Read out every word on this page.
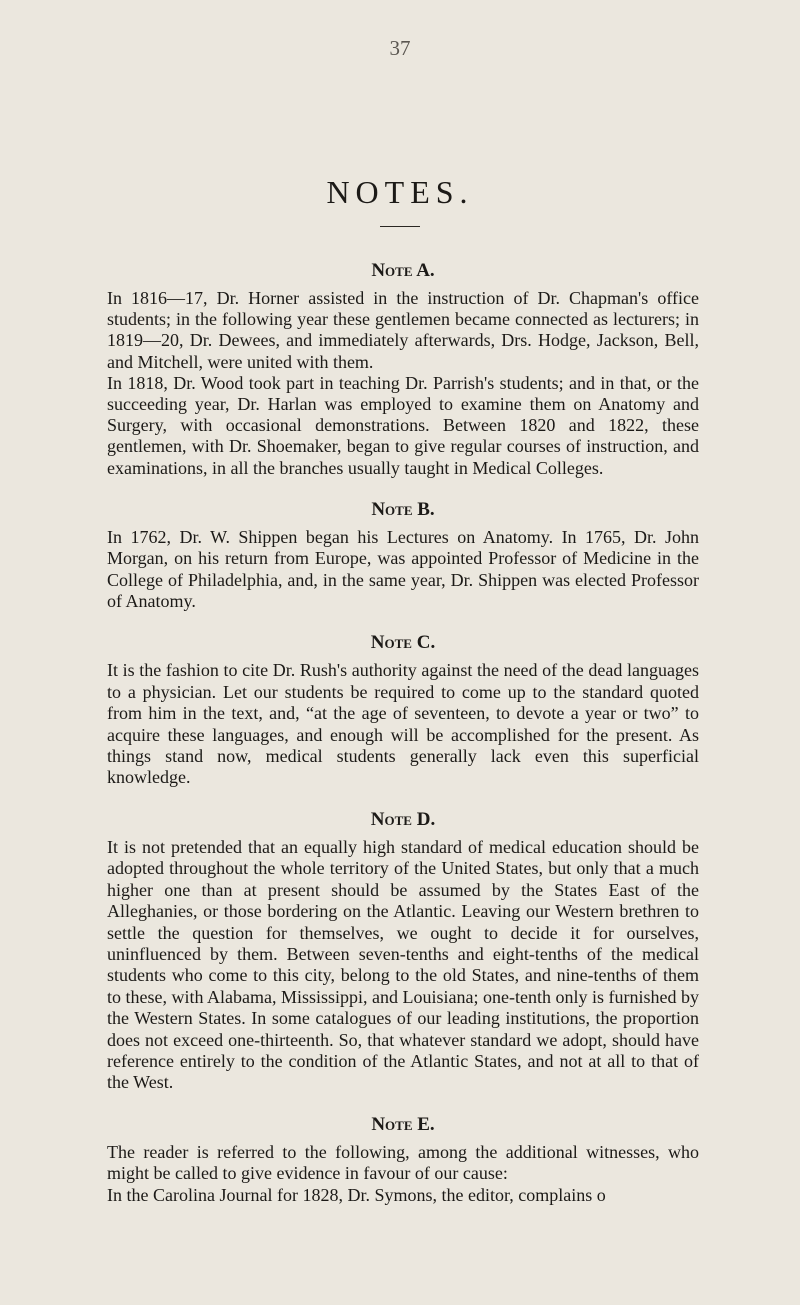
37
NOTES.
Note A.

In 1816—17, Dr. Horner assisted in the instruction of Dr. Chapman's office students; in the following year these gentlemen became connected as lecturers; in 1819—20, Dr. Dewees, and immediately afterwards, Drs. Hodge, Jackson, Bell, and Mitchell, were united with them.

In 1818, Dr. Wood took part in teaching Dr. Parrish's students; and in that, or the succeeding year, Dr. Harlan was employed to examine them on Anatomy and Surgery, with occasional demonstrations. Between 1820 and 1822, these gentlemen, with Dr. Shoemaker, began to give regular courses of instruction, and examinations, in all the branches usually taught in Medical Colleges.

Note B.

In 1762, Dr. W. Shippen began his Lectures on Anatomy. In 1765, Dr. John Morgan, on his return from Europe, was appointed Professor of Medicine in the College of Philadelphia, and, in the same year, Dr. Shippen was elected Professor of Anatomy.

Note C.

It is the fashion to cite Dr. Rush's authority against the need of the dead languages to a physician. Let our students be required to come up to the standard quoted from him in the text, and, “at the age of seventeen, to devote a year or two” to acquire these languages, and enough will be accomplished for the present. As things stand now, medical students generally lack even this superficial knowledge.

Note D.

It is not pretended that an equally high standard of medical education should be adopted throughout the whole territory of the United States, but only that a much higher one than at present should be assumed by the States East of the Alleghanies, or those bordering on the Atlantic. Leaving our Western brethren to settle the question for themselves, we ought to decide it for ourselves, uninfluenced by them. Between seven-tenths and eight-tenths of the medical students who come to this city, belong to the old States, and nine-tenths of them to these, with Alabama, Mississippi, and Louisiana; one-tenth only is furnished by the Western States. In some catalogues of our leading institutions, the proportion does not exceed one-thirteenth. So, that whatever standard we adopt, should have reference entirely to the condition of the Atlantic States, and not at all to that of the West.

Note E.

The reader is referred to the following, among the additional witnesses, who might be called to give evidence in favour of our cause:

In the Carolina Journal for 1828, Dr. Symons, the editor, complains o
